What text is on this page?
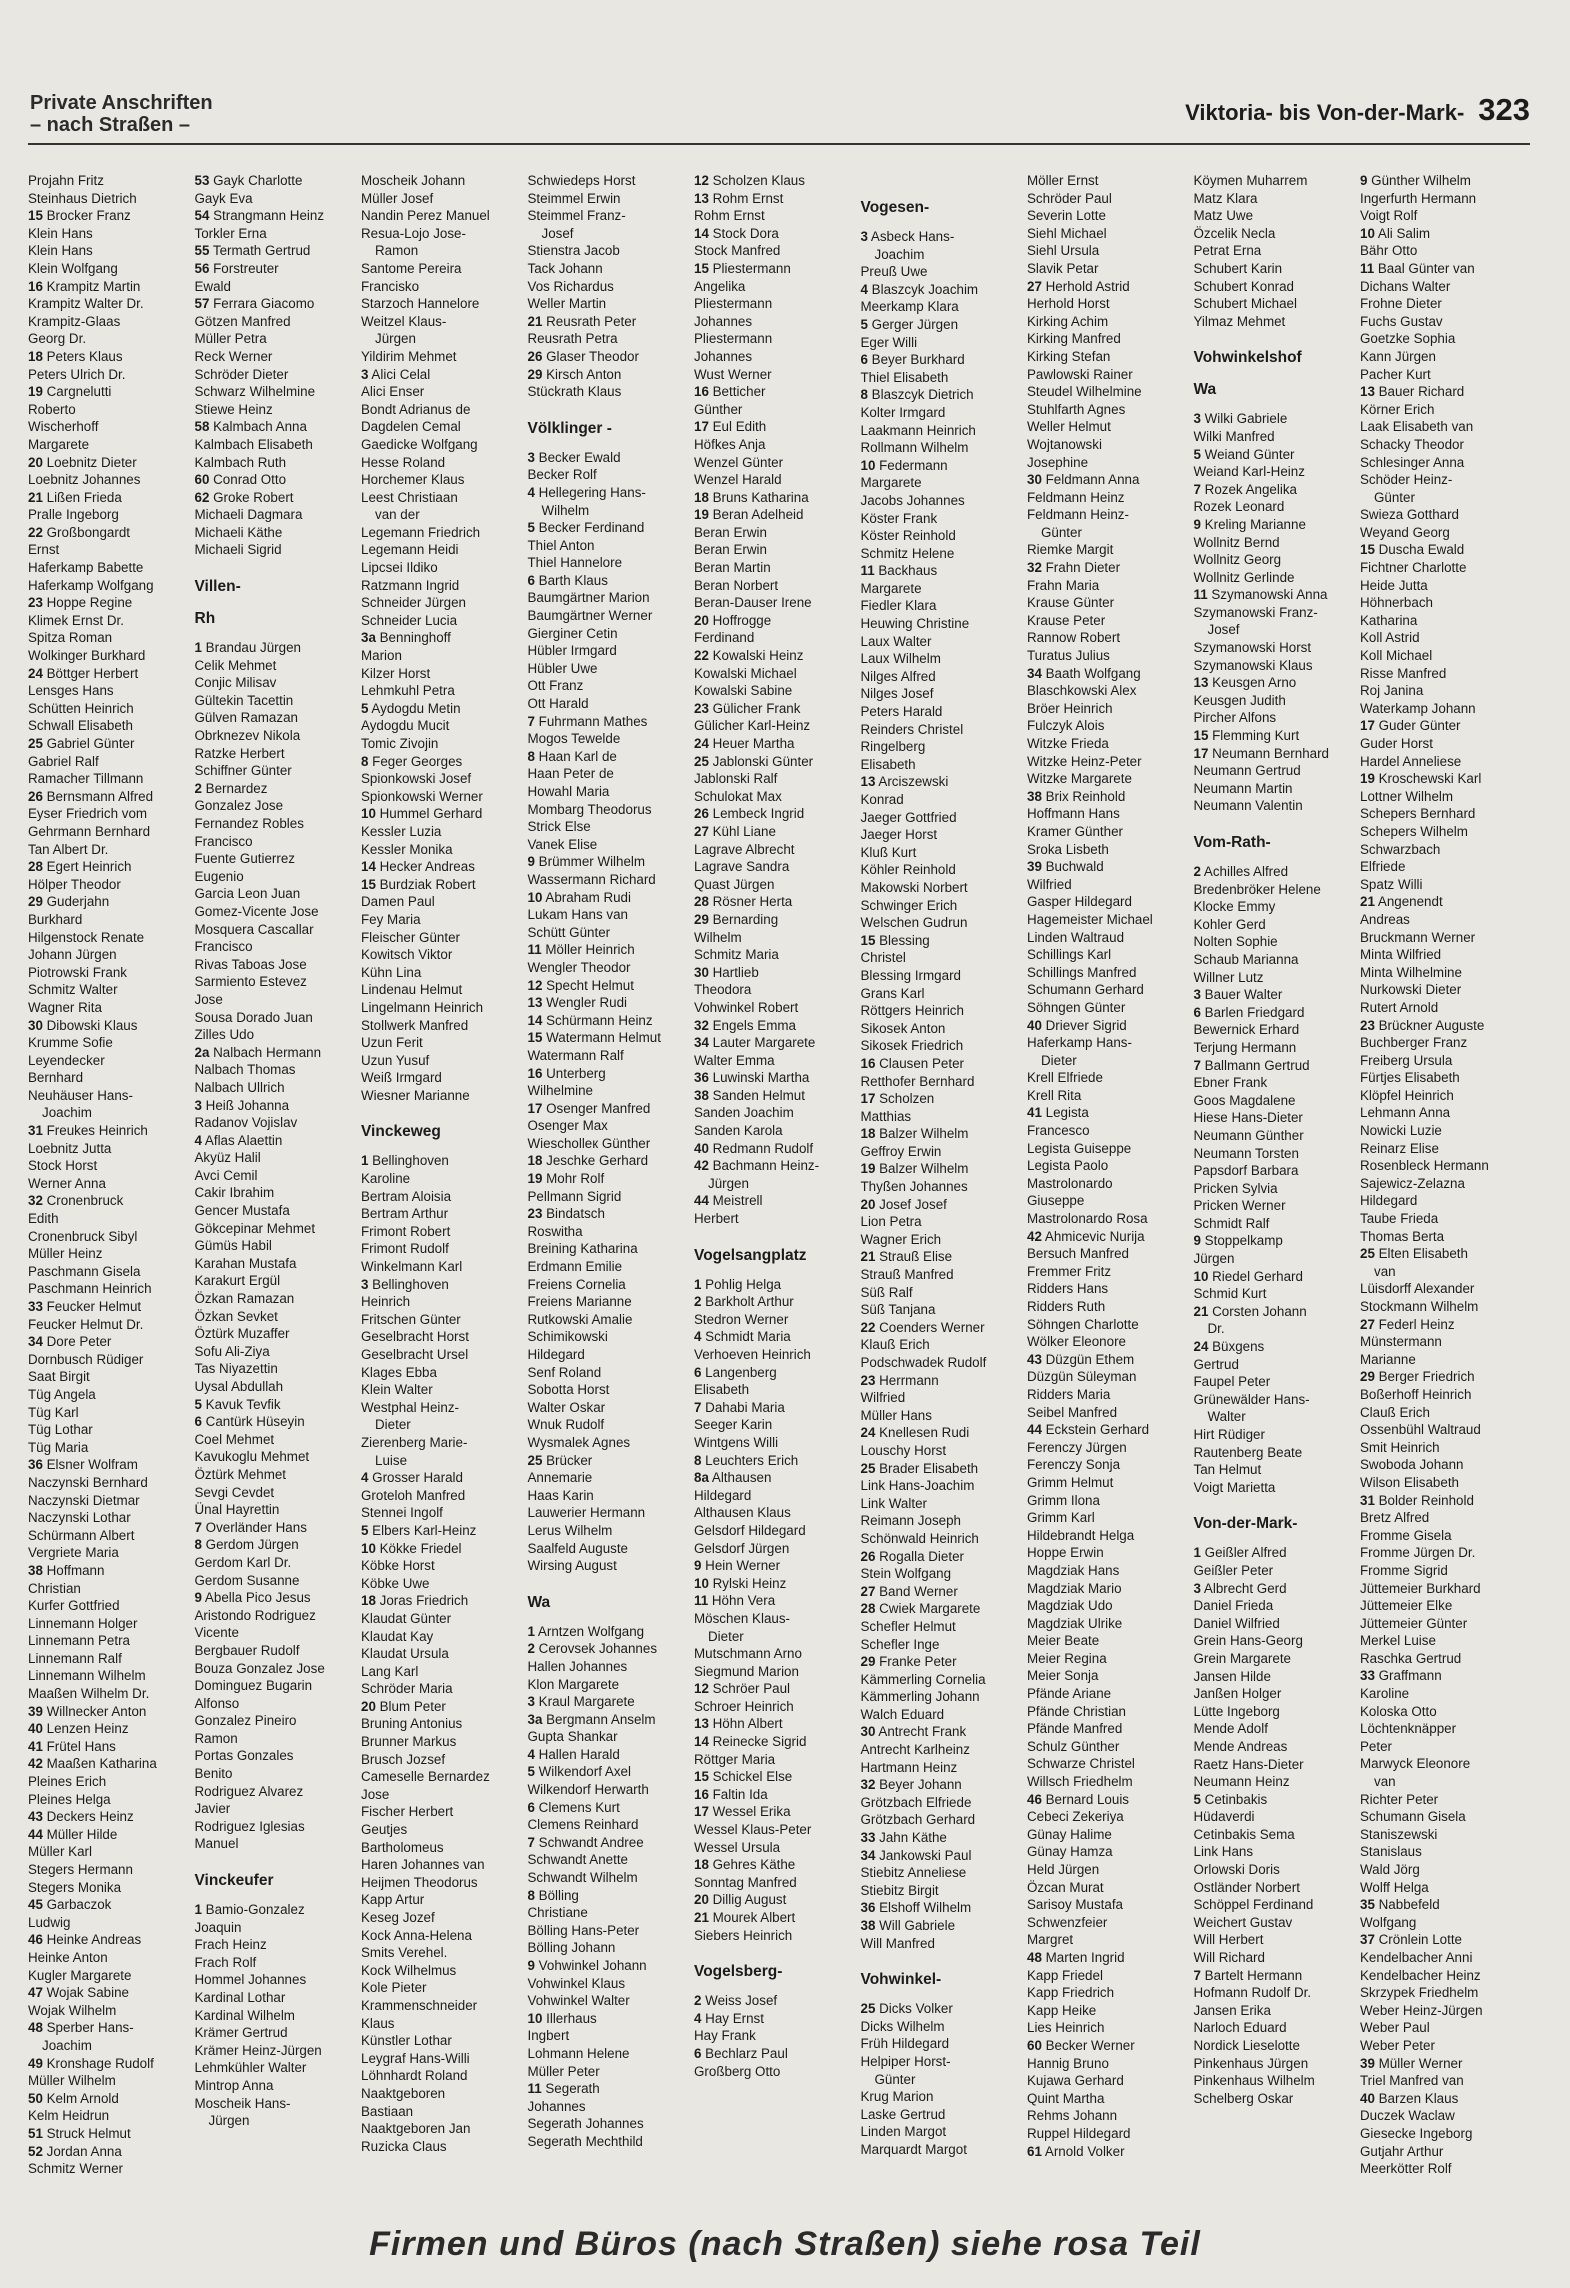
Private Anschriften
– nach Straßen –	Viktoria- bis Von-der-Mark- 323
Projahn Fritz
Steinhaus Dietrich
15 Brocker Franz
Klein Hans
Klein Hans
Klein Wolfgang
16 Krampitz Martin
Krampitz Walter Dr.
Krampitz-Glaas
Georg Dr.
18 Peters Klaus
Peters Ulrich Dr.
19 Cargnelutti
Roberto
Wischerhoff
Margarete
20 Loebnitz Dieter
Loebnitz Johannes
21 Lißen Frieda
Pralle Ingeborg
22 Großbongardt
Ernst
Haferkamp Babette
Haferkamp Wolfgang
23 Hoppe Regine
Klimek Ernst Dr.
Spitza Roman
Wolkinger Burkhard
24 Böttger Herbert
Lensges Hans
Schütten Heinrich
Schwall Elisabeth
25 Gabriel Günter
Gabriel Ralf
Ramacher Tillmann
26 Bernsmann Alfred
Eyser Friedrich vom
Gehrmann Bernhard
Tan Albert Dr.
28 Egert Heinrich
Hölper Theodor
29 Guderjahn
Burkhard
Hilgenstock Renate
Johann Jürgen
Piotrowski Frank
Schmitz Walter
Wagner Rita
30 Dibowski Klaus
Krumme Sofie
Leyendecker
Bernhard
Neuhäuser Hans-
Joachim
31 Freukes Heinrich
Loebnitz Jutta
Stock Horst
Werner Anna
32 Cronenbruck
Edith
Cronenbruck Sibyl
Müller Heinz
Paschmann Gisela
Paschmann Heinrich
33 Feucker Helmut
Feucker Helmut Dr.
34 Dore Peter
Dornbusch Rüdiger
Saat Birgit
Tüg Angela
Tüg Karl
Tüg Lothar
Tüg Maria
36 Elsner Wolfram
Naczynski Bernhard
Naczynski Dietmar
Naczynski Lothar
Schürmann Albert
Vergriete Maria
38 Hoffmann
Christian
Kurfer Gottfried
Linnemann Holger
Linnemann Petra
Linnemann Ralf
Linnemann Wilhelm
Maaßen Wilhelm Dr.
39 Willnecker Anton
40 Lenzen Heinz
41 Frütel Hans
42 Maaßen Katharina
Pleines Erich
Pleines Helga
43 Deckers Heinz
44 Müller Hilde
Müller Karl
Stegers Hermann
Stegers Monika
45 Garbaczok
Ludwig
46 Heinke Andreas
Heinke Anton
Kugler Margarete
47 Wojak Sabine
Wojak Wilhelm
48 Sperber Hans-
Joachim
49 Kronshage Rudolf
Müller Wilhelm
50 Kelm Arnold
Kelm Heidrun
51 Struck Helmut
52 Jordan Anna
Schmitz Werner
53 Gayk Charlotte
Gayk Eva
54 Strangmann Heinz
Torkler Erna
55 Termath Gertrud
56 Forstreuter
Ewald
57 Ferrara Giacomo
Götzen Manfred
Müller Petra
Reck Werner
Schröder Dieter
Schwarz Wilhelmine
Stiewe Heinz
58 Kalmbach Anna
Kalmbach Elisabeth
Kalmbach Ruth
60 Conrad Otto
62 Groke Robert
Michaeli Dagmara
Michaeli Käthe
Michaeli Sigrid
Villen-
Rh
1 Brandau Jürgen
Celik Mehmet
Conjic Milisav
Gültekin Tacettin
Gülven Ramazan
Obrknezev Nikola
Ratzke Herbert
Schiffner Günter
2 Bernardez
Gonzalez Jose
Fernandez Robles
Francisco
Fuente Gutierrez
Eugenio
Garcia Leon Juan
Gomez-Vicente Jose
Mosquera Cascallar
Francisco
Rivas Taboas Jose
Sarmiento Estevez
Jose
Sousa Dorado Juan
Zilles Udo
2a Nalbach Hermann
Nalbach Thomas
Nalbach Ullrich
3 Heiß Johanna
Radanov Vojislav
4 Aflas Alaettin
Akyüz Halil
Avci Cemil
Cakir Ibrahim
Gencer Mustafa
Gökcepinar Mehmet
Gümüs Habil
Karahan Mustafa
Karakurt Ergül
Özkan Ramazan
Özkan Sevket
Öztürk Muzaffer
Sofu Ali-Ziya
Tas Niyazettin
Uysal Abdullah
5 Kavuk Tevfik
6 Cantürk Hüseyin
Coel Mehmet
Kavukoglu Mehmet
Öztürk Mehmet
Sevgi Cevdet
Ünal Hayrettin
7 Overländer Hans
8 Gerdom Jürgen
Gerdom Karl Dr.
Gerdom Susanne
9 Abella Pico Jesus
Aristondo Rodriguez
Vicente
Bergbauer Rudolf
Bouza Gonzalez Jose
Dominguez Bugarin
Alfonso
Gonzalez Pineiro
Ramon
Portas Gonzales
Benito
Rodriguez Alvarez
Javier
Rodriguez Iglesias
Manuel
Vinckeufer
1 Bamio-Gonzalez
Joaquin
Frach Heinz
Frach Rolf
Hommel Johannes
Kardinal Lothar
Kardinal Wilhelm
Krämer Gertrud
Krämer Heinz-Jürgen
Lehmkühler Walter
Mintrop Anna
Moscheik Hans-
Jürgen
Moscheik Johann
Müller Josef
Nandin Perez Manuel
Resua-Lojo Jose-
Ramon
Santome Pereira
Francisko
Starzoch Hannelore
Weitzel Klaus-
Jürgen
Yildirim Mehmet
3 Alici Celal
Alici Enser
Bondt Adrianus de
Dagdelen Cemal
Gaedicke Wolfgang
Hesse Roland
Horchemer Klaus
Leest Christiaan
van der
Legemann Friedrich
Legemann Heidi
Lipcsei Ildiko
Ratzmann Ingrid
Schneider Jürgen
Schneider Lucia
3a Benninghoff
Marion
Kilzer Horst
Lehmkuhl Petra
5 Aydogdu Metin
Aydogdu Mucit
Tomic Zivojin
8 Feger Georges
Spionkowski Josef
Spionkowski Werner
10 Hummel Gerhard
Kessler Luzia
Kessler Monika
14 Hecker Andreas
15 Burdziak Robert
Damen Paul
Fey Maria
Fleischer Günter
Kowitsch Viktor
Kühn Lina
Lindenau Helmut
Lingelmann Heinrich
Stollwerk Manfred
Uzun Ferit
Uzun Yusuf
Weiß Irmgard
Wiesner Marianne
Vinckeweg
1 Bellinghoven
Karoline
Bertram Aloisia
Bertram Arthur
Frimont Robert
Frimont Rudolf
Winkelmann Karl
3 Bellinghoven
Heinrich
Fritschen Günter
Geselbracht Horst
Geselbracht Ursel
Klages Ebba
Klein Walter
Westphal Heinz-
Dieter
Zierenberg Marie-
Luise
4 Grosser Harald
Groteloh Manfred
Stennei Ingolf
5 Elbers Karl-Heinz
10 Kökke Friedel
Köbke Horst
Köbke Uwe
18 Joras Friedrich
Klaudat Günter
Klaudat Kay
Klaudat Ursula
Lang Karl
Schröder Maria
20 Blum Peter
Bruning Antonius
Brunner Markus
Brusch Jozsef
Cameselle Bernardez
Jose
Fischer Herbert
Geutjes
Bartholomeus
Haren Johannes van
Heijmen Theodorus
Kapp Artur
Keseg Jozef
Kock Anna-Helena
Smits Verehel.
Kock Wilhelmus
Kole Pieter
Krammenschneider
Klaus
Künstler Lothar
Leygraf Hans-Willi
Löhnhardt Roland
Naaktgeboren
Bastiaan
Naaktgeboren Jan
Ruzicka Claus
Schwiedeps Horst
Steimmel Erwin
Steimmel Franz-
Josef
Stienstra Jacob
Tack Johann
Vos Richardus
Weller Martin
21 Reusrath Peter
Reusrath Petra
26 Glaser Theodor
29 Kirsch Anton
Stückrath Klaus
Völklinger -
3 Becker Ewald
Becker Rolf
4 Hellegering Hans-
Wilhelm
5 Becker Ferdinand
Thiel Anton
Thiel Hannelore
6 Barth Klaus
Baumgärtner Marion
Baumgärtner Werner
Gierginer Cetin
Hübler Irmgard
Hübler Uwe
Ott Franz
Ott Harald
7 Fuhrmann Mathes
Mogos Tewelde
8 Haan Karl de
Haan Peter de
Howahl Maria
Mombarg Theodorus
Strick Else
Vanek Elise
9 Brümmer Wilhelm
Wassermann Richard
10 Abraham Rudi
Lukam Hans van
Schütt Günter
11 Möller Heinrich
Wengler Theodor
12 Specht Helmut
13 Wengler Rudi
14 Schürmann Heinz
15 Watermann Helmut
Watermann Ralf
16 Unterberg
Wilhelmine
17 Osenger Manfred
Osenger Max
Wiescholleк Günther
18 Jeschke Gerhard
19 Mohr Rolf
Pellmann Sigrid
23 Bindatsch
Roswitha
Breining Katharina
Erdmann Emilie
Freiens Cornelia
Freiens Marianne
Rutkowski Amalie
Schimikowski
Hildegard
Senf Roland
Sobotta Horst
Walter Oskar
Wnuk Rudolf
Wysmalek Agnes
25 Brücker
Annemarie
Haas Karin
Lauwerier Hermann
Lerus Wilhelm
Saalfeld Auguste
Wirsing August
Wa
1 Arntzen Wolfgang
2 Cerovsek Johannes
Hallen Johannes
Klon Margarete
3 Kraul Margarete
3a Bergmann Anselm
Gupta Shankar
4 Hallen Harald
5 Wilkendorf Axel
Wilkendorf Herwarth
6 Clemens Kurt
Clemens Reinhard
7 Schwandt Andree
Schwandt Anette
Schwandt Wilhelm
8 Bölling
Christiane
Bölling Hans-Peter
Bölling Johann
9 Vohwinkel Johann
Vohwinkel Klaus
Vohwinkel Walter
10 Illerhaus
Ingbert
Lohmann Helene
Müller Peter
11 Segerath
Johannes
Segerath Johannes
Segerath Mechthild
12 Scholzen Klaus
13 Rohm Ernst
Rohm Ernst
14 Stock Dora
Stock Manfred
15 Pliestermann
Angelika
Pliestermann
Johannes
Pliestermann
Johannes
Wust Werner
16 Betticher
Günther
17 Eul Edith
Höfkes Anja
Wenzel Günter
Wenzel Harald
18 Bruns Katharina
19 Beran Adelheid
Beran Erwin
Beran Erwin
Beran Martin
Beran Norbert
Beran-Dauser Irene
20 Hoffrogge
Ferdinand
22 Kowalski Heinz
Kowalski Michael
Kowalski Sabine
23 Gülicher Frank
Gülicher Karl-Heinz
24 Heuer Martha
25 Jablonski Günter
Jablonski Ralf
Schulokat Max
26 Lembeck Ingrid
27 Kühl Liane
Lagrave Albrecht
Lagrave Sandra
Quast Jürgen
28 Rösner Herta
29 Bernarding
Wilhelm
Schmitz Maria
30 Hartlieb
Theodora
Vohwinkel Robert
32 Engels Emma
34 Lauter Margarete
Walter Emma
36 Luwinski Martha
38 Sanden Helmut
Sanden Joachim
Sanden Karola
40 Redmann Rudolf
42 Bachmann Heinz-
Jürgen
44 Meistrell
Herbert
Vogelsangplatz
1 Pohlig Helga
2 Barkholt Arthur
Stedron Werner
4 Schmidt Maria
Verhoeven Heinrich
6 Langenberg
Elisabeth
7 Dahabi Maria
Seeger Karin
Wintgens Willi
8 Leuchters Erich
8a Althausen
Hildegard
Althausen Klaus
Gelsdorf Hildegard
Gelsdorf Jürgen
9 Hein Werner
10 Rylski Heinz
11 Höhn Vera
Möschen Klaus-
Dieter
Mutschmann Arno
Siegmund Marion
12 Schröer Paul
Schroer Heinrich
13 Höhn Albert
14 Reinecke Sigrid
Röttger Maria
15 Schickel Else
16 Faltin Ida
17 Wessel Erika
Wessel Klaus-Peter
Wessel Ursula
18 Gehres Käthe
Sonntag Manfred
20 Dillig August
21 Mourek Albert
Siebers Heinrich
Vogelsberg-
2 Weiss Josef
4 Hay Ernst
Hay Frank
6 Bechlarz Paul
Großberg Otto
Vogesen-
3 Asbeck Hans-
Joachim
Preuß Uwe
4 Blaszcyk Joachim
Meerkamp Klara
5 Gerger Jürgen
Eger Willi
6 Beyer Burkhard
Thiel Elisabeth
8 Blaszcyk Dietrich
Kolter Irmgard
Laakmann Heinrich
Rollmann Wilhelm
10 Federmann
Margarete
Jacobs Johannes
Köster Frank
Köster Reinhold
Schmitz Helene
11 Backhaus
Margarete
Fiedler Klara
Heuwing Christine
Laux Walter
Laux Wilhelm
Nilges Alfred
Nilges Josef
Peters Harald
Reinders Christel
Ringelberg
Elisabeth
13 Arciszewski
Konrad
Jaeger Gottfried
Jaeger Horst
Kluß Kurt
Köhler Reinhold
Makowski Norbert
Schwinger Erich
Welschen Gudrun
15 Blessing
Christel
Blessing Irmgard
Grans Karl
Röttgers Heinrich
Sikosek Anton
Sikosek Friedrich
16 Clausen Peter
Retthofer Bernhard
17 Scholzen
Matthias
18 Balzer Wilhelm
Geffroy Erwin
19 Balzer Wilhelm
Thyßen Johannes
20 Josef Josef
Lion Petra
Wagner Erich
21 Strauß Elise
Strauß Manfred
Süß Ralf
Süß Tanjana
22 Coenders Werner
Klauß Erich
Podschwadek Rudolf
23 Herrmann
Wilfried
Müller Hans
24 Knellesen Rudi
Louschy Horst
25 Brader Elisabeth
Link Hans-Joachim
Link Walter
Reimann Joseph
Schönwald Heinrich
26 Rogalla Dieter
Stein Wolfgang
27 Band Werner
28 Cwiek Margarete
Schefler Helmut
Schefler Inge
29 Franke Peter
Kämmerling Cornelia
Kämmerling Johann
Walch Eduard
30 Antrecht Frank
Antrecht Karlheinz
Hartmann Heinz
32 Beyer Johann
Grötzbach Elfriede
Grötzbach Gerhard
33 Jahn Käthe
34 Jankowski Paul
Stiebitz Anneliese
Stiebitz Birgit
36 Elshoff Wilhelm
38 Will Gabriele
Will Manfred
Vohwinkel-
25 Dicks Volker
Dicks Wilhelm
Früh Hildegard
Helpiper Horst-
Günter
Krug Marion
Laske Gertrud
Linden Margot
Marquardt Margot
Möller Ernst
Schröder Paul
Severin Lotte
Siehl Michael
Siehl Ursula
Slavik Petar
27 Herhold Astrid
Herhold Horst
Kirking Achim
Kirking Manfred
Kirking Stefan
Pawlowski Rainer
Steudel Wilhelmine
Stuhlfarth Agnes
Weller Helmut
Wojtanowski
Josephine
30 Feldmann Anna
Feldmann Heinz
Feldmann Heinz-
Günter
Riemke Margit
32 Frahn Dieter
Frahn Maria
Krause Günter
Krause Peter
Rannow Robert
Turatus Julius
34 Baath Wolfgang
Blaschkowski Alex
Bröer Heinrich
Fulczyk Alois
Witzke Frieda
Witzke Heinz-Peter
Witzke Margarete
38 Brix Reinhold
Hoffmann Hans
Kramer Günther
Sroka Lisbeth
39 Buchwald
Wilfried
Gasper Hildegard
Hagemeister Michael
Linden Waltraud
Schillings Karl
Schillings Manfred
Schumann Gerhard
Söhngen Günter
40 Driever Sigrid
Haferkamp Hans-
Dieter
Krell Elfriede
Krell Rita
41 Legista
Francesco
Legista Guiseppe
Legista Paolo
Mastrolonardo
Giuseppe
Mastrolonardo Rosa
42 Ahmicevic Nurija
Bersuch Manfred
Fremmer Fritz
Ridders Hans
Ridders Ruth
Söhngen Charlotte
Wölker Eleonore
43 Düzgün Ethem
Düzgün Süleyman
Ridders Maria
Seibel Manfred
44 Eckstein Gerhard
Ferenczy Jürgen
Ferenczy Sonja
Grimm Helmut
Grimm Ilona
Grimm Karl
Hildebrandt Helga
Hoppe Erwin
Magdziak Hans
Magdziak Mario
Magdziak Udo
Magdziak Ulrike
Meier Beate
Meier Regina
Meier Sonja
Pfände Ariane
Pfände Christian
Pfände Manfred
Schulz Günther
Schwarze Christel
Willsch Friedhelm
46 Bernard Louis
Cebeci Zekeriya
Günay Halime
Günay Hamza
Held Jürgen
Özcan Murat
Sarisoy Mustafa
Schwenzfeier
Margret
48 Marten Ingrid
Kapp Friedel
Kapp Friedrich
Kapp Heike
Lies Heinrich
60 Becker Werner
Hannig Bruno
Kujawa Gerhard
Quint Martha
Rehms Johann
Ruppel Hildegard
61 Arnold Volker
Köymen Muharrem
Matz Klara
Matz Uwe
Özcelik Necla
Petrat Erna
Schubert Karin
Schubert Konrad
Schubert Michael
Yilmaz Mehmet
Vohwinkelshof
Wa
3 Wilki Gabriele
Wilki Manfred
5 Weiand Günter
Weiand Karl-Heinz
7 Rozek Angelika
Rozek Leonard
9 Kreling Marianne
Wollnitz Bernd
Wollnitz Georg
Wollnitz Gerlinde
11 Szymanowski Anna
Szymanowski Franz-
Josef
Szymanowski Horst
Szymanowski Klaus
13 Keusgen Arno
Keusgen Judith
Pircher Alfons
15 Flemming Kurt
17 Neumann Bernhard
Neumann Gertrud
Neumann Martin
Neumann Valentin
Vom-Rath-
2 Achilles Alfred
Bredenbröker Helene
Klocke Emmy
Kohler Gerd
Nolten Sophie
Schaub Marianna
Willner Lutz
3 Bauer Walter
6 Barlen Friedgard
Bewernick Erhard
Terjung Hermann
7 Ballmann Gertrud
Ebner Frank
Goos Magdalene
Hiese Hans-Dieter
Neumann Günther
Neumann Torsten
Papsdorf Barbara
Pricken Sylvia
Pricken Werner
Schmidt Ralf
9 Stoppelkamp
Jürgen
10 Riedel Gerhard
Schmid Kurt
21 Corsten Johann
Dr.
24 Büxgens
Gertrud
Faupel Peter
Grünewälder Hans-
Walter
Hirt Rüdiger
Rautenberg Beate
Tan Helmut
Voigt Marietta
Von-der-Mark-
1 Geißler Alfred
Geißler Peter
3 Albrecht Gerd
Daniel Frieda
Daniel Wilfried
Grein Hans-Georg
Grein Margarete
Jansen Hilde
Janßen Holger
Lütte Ingeborg
Mende Adolf
Mende Andreas
Raetz Hans-Dieter
Neumann Heinz
5 Cetinbakis
Hüdaverdi
Cetinbakis Sema
Link Hans
Orlowski Doris
Ostländer Norbert
Schöppel Ferdinand
Weichert Gustav
Will Herbert
Will Richard
7 Bartelt Hermann
Hofmann Rudolf Dr.
Jansen Erika
Narloch Eduard
Nordick Lieselotte
Pinkenhaus Jürgen
Pinkenhaus Wilhelm
Schelberg Oskar
9 Günther Wilhelm
Ingerfurth Hermann
Voigt Rolf
10 Ali Salim
Bähr Otto
11 Baal Günter van
Dichans Walter
Frohne Dieter
Fuchs Gustav
Goetzke Sophia
Kann Jürgen
Pacher Kurt
13 Bauer Richard
Körner Erich
Laak Elisabeth van
Schacky Theodor
Schlesinger Anna
Schöder Heinz-
Günter
Swieza Gotthard
Weyand Georg
15 Duscha Ewald
Fichtner Charlotte
Heide Jutta
Höhnerbach
Katharina
Koll Astrid
Koll Michael
Risse Manfred
Roj Janina
Waterkamp Johann
17 Guder Günter
Guder Horst
Hardel Anneliese
19 Kroschewski Karl
Lottner Wilhelm
Schepers Bernhard
Schepers Wilhelm
Schwarzbach
Elfriede
Spatz Willi
21 Angenendt
Andreas
Bruckmann Werner
Minta Wilfried
Minta Wilhelmine
Nurkowski Dieter
Rutert Arnold
23 Brückner Auguste
Buchberger Franz
Freiberg Ursula
Fürtjes Elisabeth
Klöpfel Heinrich
Lehmann Anna
Nowicki Luzie
Reinarz Elise
Rosenbleck Hermann
Sajewicz-Zelazna
Hildegard
Taube Frieda
Thomas Berta
25 Elten Elisabeth
van
Lüisdorff Alexander
Stockmann Wilhelm
27 Federl Heinz
Münstermann
Marianne
29 Berger Friedrich
Boßerhoff Heinrich
Clauß Erich
Ossenbühl Waltraud
Smit Heinrich
Swoboda Johann
Wilson Elisabeth
31 Bolder Reinhold
Bretz Alfred
Fromme Gisela
Fromme Jürgen Dr.
Fromme Sigrid
Jüttemeier Burkhard
Jüttemeier Elke
Jüttemeier Günter
Merkel Luise
Raschka Gertrud
33 Graffmann
Karoline
Koloska Otto
Löchtenknäpper
Peter
Marwyck Eleonore
van
Richter Peter
Schumann Gisela
Staniszewski
Stanislaus
Wald Jörg
Wolff Helga
35 Nabbefeld
Wolfgang
37 Crönlein Lotte
Kendelbacher Anni
Kendelbacher Heinz
Skrzypek Friedhelm
Weber Heinz-Jürgen
Weber Paul
Weber Peter
39 Müller Werner
Triel Manfred van
40 Barzen Klaus
Duczek Waclaw
Giesecke Ingeborg
Gutjahr Arthur
Meerkötter Rolf
Firmen und Büros (nach Straßen) siehe rosa Teil
